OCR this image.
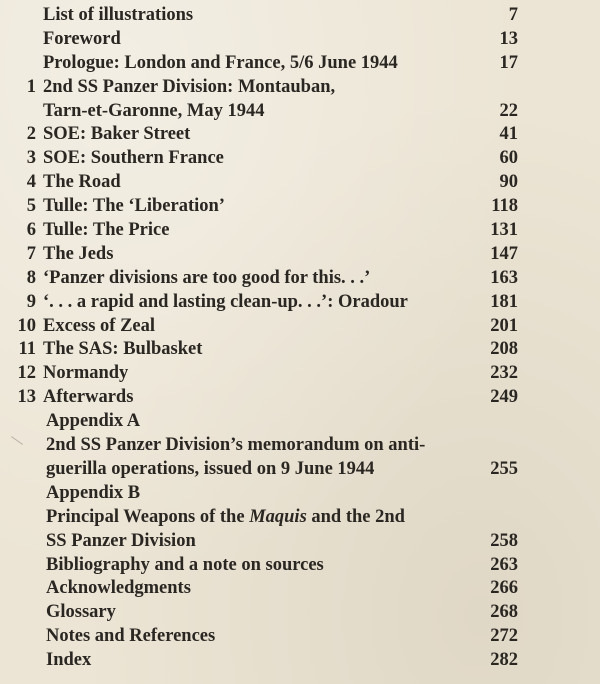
List of illustrations	7
Foreword	13
Prologue: London and France, 5/6 June 1944	17
1 2nd SS Panzer Division: Montauban,
Tarn-et-Garonne, May 1944	22
2 SOE: Baker Street	41
3 SOE: Southern France	60
4 The Road	90
5 Tulle: The ‘Liberation’	118
6 Tulle: The Price	131
7 The Jeds	147
8 ‘Panzer divisions are too good for this. . .’	163
9 ‘. . . a rapid and lasting clean-up. . .’: Oradour	181
10 Excess of Zeal	201
11 The SAS: Bulbasket	208
12 Normandy	232
13 Afterwards	249
Appendix A
2nd SS Panzer Division’s memorandum on anti-
guerilla operations, issued on 9 June 1944	255
Appendix B
Principal Weapons of the Maquis and the 2nd
SS Panzer Division	258
Bibliography and a note on sources	263
Acknowledgments	266
Glossary	268
Notes and References	272
Index	282
